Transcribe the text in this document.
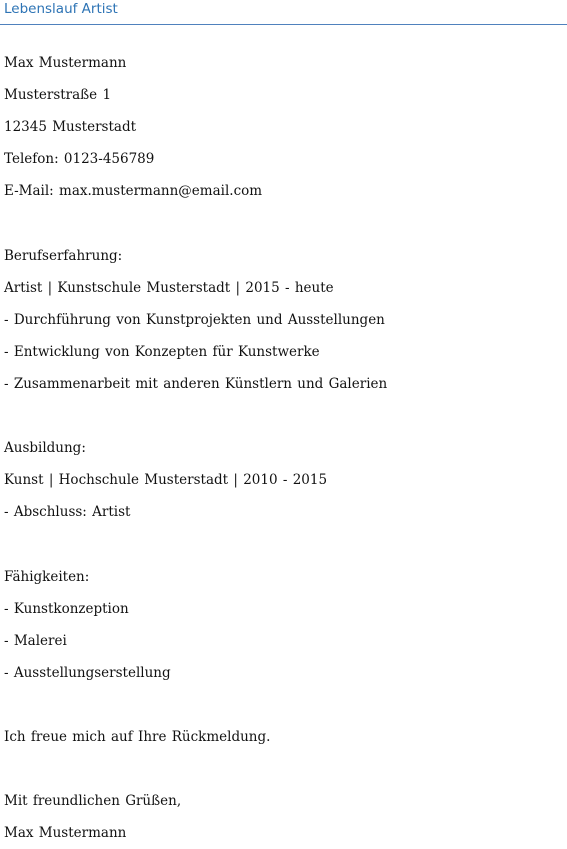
Lebenslauf Artist
Max Mustermann
Musterstraße 1
12345 Musterstadt
Telefon: 0123-456789
E-Mail: max.mustermann@email.com
Berufserfahrung:
Artist | Kunstschule Musterstadt | 2015 - heute
- Durchführung von Kunstprojekten und Ausstellungen
- Entwicklung von Konzepten für Kunstwerke
- Zusammenarbeit mit anderen Künstlern und Galerien
Ausbildung:
Kunst | Hochschule Musterstadt | 2010 - 2015
- Abschluss: Artist
Fähigkeiten:
- Kunstkonzeption
- Malerei
- Ausstellungserstellung
Ich freue mich auf Ihre Rückmeldung.
Mit freundlichen Grüßen,
Max Mustermann
